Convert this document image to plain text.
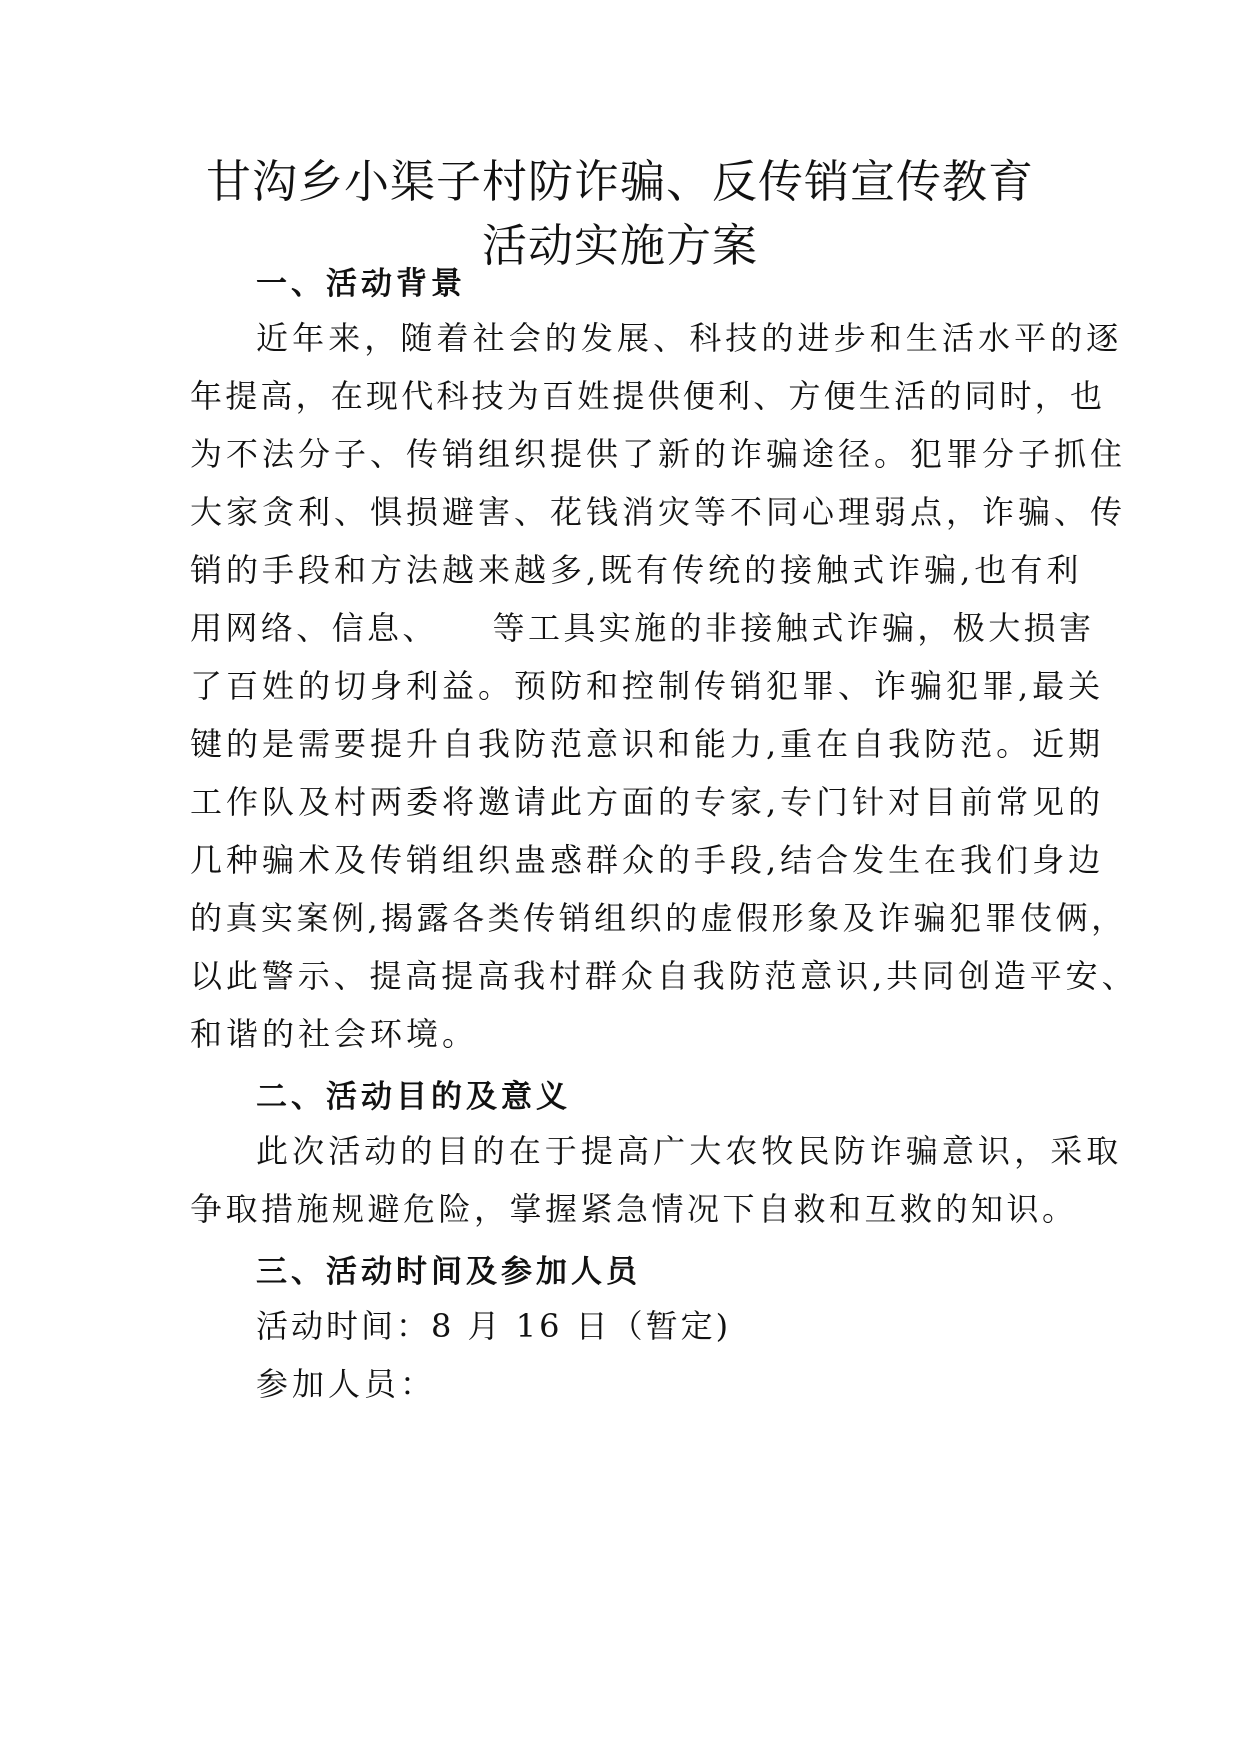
甘沟乡小渠子村防诈骗、反传销宣传教育
活动实施方案
一、活动背景
近年来，随着社会的发展、科技的进步和生活水平的逐
年提高，在现代科技为百姓提供便利、方便生活的同时，也
为不法分子、传销组织提供了新的诈骗途径。犯罪分子抓住
大家贪利、惧损避害、花钱消灾等不同心理弱点，诈骗、传
销的手段和方法越来越多,既有传统的接触式诈骗,也有利
用网络、信息、　　等工具实施的非接触式诈骗，极大损害
了百姓的切身利益。预防和控制传销犯罪、诈骗犯罪,最关
键的是需要提升自我防范意识和能力,重在自我防范。近期
工作队及村两委将邀请此方面的专家,专门针对目前常见的
几种骗术及传销组织蛊惑群众的手段,结合发生在我们身边
的真实案例,揭露各类传销组织的虚假形象及诈骗犯罪伎俩，
以此警示、提高提高我村群众自我防范意识,共同创造平安、
和谐的社会环境。
二、活动目的及意义
此次活动的目的在于提高广大农牧民防诈骗意识，采取
争取措施规避危险，掌握紧急情况下自救和互救的知识。
三、活动时间及参加人员
活动时间：8 月 16 日（暂定)
参加人员：
